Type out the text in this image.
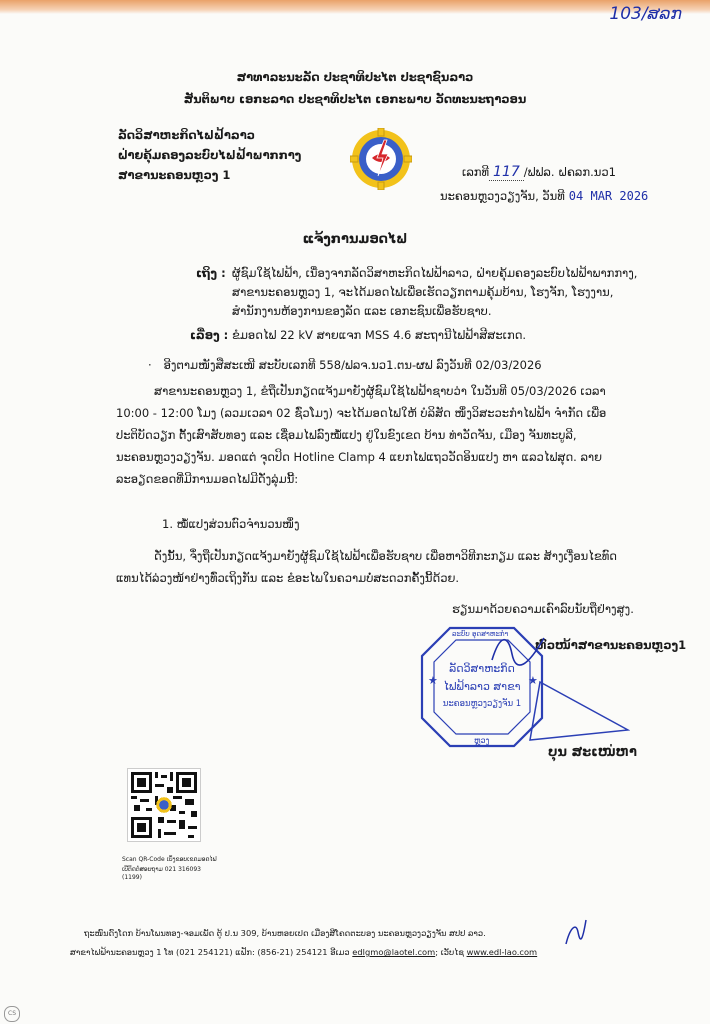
103/ສລກ
ສາທາລະນະລັດ ປະຊາທິປະໄຕ ປະຊາຊົນລາວ
ສັນຕິພາບ ເອກະລາດ ປະຊາທິປະໄຕ ເອກະພາບ ວັດທະນະຖາວອນ
ລັດວິສາຫະກິດໄຟຟ້າລາວ
ຝ່າຍຄຸ້ມຄອງລະບົບໄຟຟ້າພາກກາງ
ສາຂານະຄອນຫຼວງ 1	ເລກທີ 117 /ຟຟລ. ຝຄລກ.ນວ1
ນະຄອນຫຼວງວຽງຈັນ, ວັນທີ 04 MAR 2026
ແຈ້ງການມອດໄຟ
ເຖິງ : ຜູ້ຊົມໃຊ້ໄຟຟ້າ, ເນື່ອງຈາກລັດວິສາຫະກິດໄຟຟ້າລາວ, ຝ່າຍຄຸ້ມຄອງລະບົບໄຟຟ້າພາກກາງ,
ສາຂານະຄອນຫຼວງ 1, ຈະໄດ້ມອດໄຟເພື່ອເຮັດວຽກຕາມຄຸ້ມບ້ານ, ໂຮງຈັກ, ໂຮງງານ,
ສຳນັກງານຫ້ອງການຂອງລັດ ແລະ ເອກະຊົນເພື່ອຮັບຊາບ.
ເລື່ອງ : ຂໍມອດໄຟ 22 kV ສາຍແຈກ MSS 4.6 ສະຖານີໄຟຟ້າສີສະເກດ.
· ອີງຕາມໜັງສືສະເໜີ ສະບັບເລກທີ 558/ຟລຈ.ນວ1.ຕນ-ຜຟ ລົງວັນທີ 02/03/2026
ສາຂານະຄອນຫຼວງ 1, ຂໍຖືເປັນກຽດແຈ້ງມາຍັງຜູ້ຊົມໃຊ້ໄຟຟ້າຊາບວ່າ ໃນວັນທີ 05/03/2026 ເວລາ
10:00 - 12:00 ໂມງ (ລວມເວລາ 02 ຊົ່ວໂມງ) ຈະໄດ້ມອດໄຟໃຫ້ ບໍລິສັດ ໜຶ່ງວິສະວະກຳໄຟຟ້າ ຈຳກັດ ເພື່ອ
ປະຕິບັດວຽກ ຕັ້ງເສົາສັບທອງ ແລະ ເຊື່ອມໄຟລົງໝໍ້ແປງ ຢູ່ໃນຂົງເຂດ ບ້ານ ທ່າວັດຈັນ, ເມືອງ ຈັນທະບູລີ,
ນະຄອນຫຼວງວຽງຈັນ. ມອດແຕ່ ຈຸດປິດ Hotline Clamp 4 ແຍກໄຟແຖວວັດອິນແປງ ຫາ ແລວໄຟສຸດ. ລາຍ
ລະອຽດຂອດທີ່ມີການມອດໄຟມີດັ່ງລຸ່ມນີ້:
1. ໝໍ້ແປງສ່ວນຕົວຈຳນວນໜຶ່ງ
ດັ່ງນັ້ນ, ຈຶ່ງຖືເປັນກຽດແຈ້ງມາຍັງຜູ້ຊົມໃຊ້ໄຟຟ້າເພື່ອຮັບຊາບ ເພື່ອຫາວິທີກະກຽມ ແລະ ສ້າງເງື່ອນໄຂທົດ
ແທນໄດ້ລ່ວງໜ້າຢ່າງທົ່ວເຖິງກັນ ແລະ ຂໍອະໄພໃນຄວາມບໍ່ສະດວກຄັ້ງນີ້ດ້ວຍ.
ຮຽນມາດ້ວຍຄວາມເຄົາລົບນັບຖືຢ່າງສູງ.
★	★
ລະບົບ ອຸດສາຫະກຳ
ລັດວິສາຫະກິດ
ໄຟຟ້າລາວ ສາຂາ
ນະຄອນຫຼວງວຽງຈັນ 1
ຫຼວງ
ຫົວໜ້າສາຂານະຄອນຫຼວງ1
ບຸນ ສະເໜ່ຫາ
Scan QR-Code ເບິ່ງຂອບເຂດມອດໄຟ
ເບີຕິດຕໍ່ສອບຖາມ 021 316093 (1199)
ຖະໜົນດົງໂດກ ບ້ານໂພນທອງ-ຈອມເພັດ ຕູ້ ປ.ນ 309, ບ້ານຫອຍເປດ ເມືອງສີໂຄດຕະບອງ ນະຄອນຫຼວງວຽງຈັນ ສປປ ລາວ.
ສາຂາໄຟຟ້ານະຄອນຫຼວງ 1 ໂທ (021 254121) ແຟັກ: (856-21) 254121 ອີເມວ edlgmo@laotel.com; ເວັບໄຊ www.edl-lao.com
CS
